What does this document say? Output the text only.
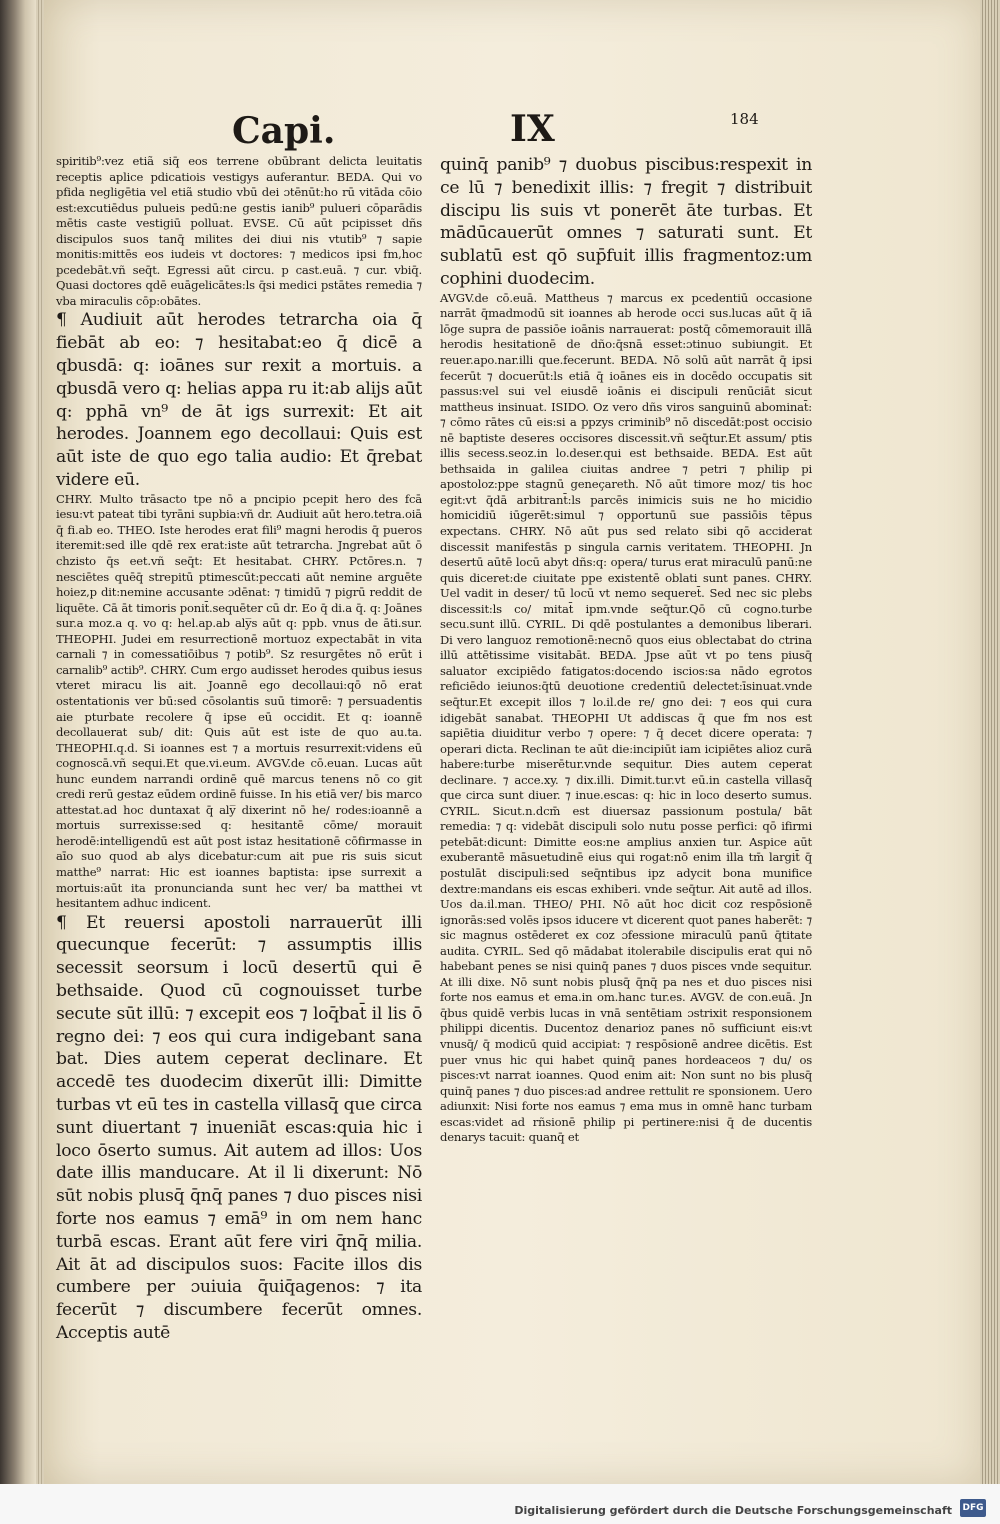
Capi.	IX	184

spiritib⁹:vez etiã siq̄ eos terrene obūbrant delicta leuitatis receptis aplice pdicatiois vestigys auferantur. BEDA. Qui vo pfida negligētia vel etiã studio vbū dei ɔtēnūt:ho rū vitāda cōio est:excutiēdus pulueis pedū:ne gestis ianib⁹ pulueri cōparādis mētis caste vestigiū polluat. EVSE. Cū aūt pcipisset dñs discipulos suos tanq̄ milites dei diui nis vtutib⁹ ⁊ sapie monitis:mittēs eos iudeis vt doctores: ⁊ medicos ipsi fm,hoc pcedebāt.vñ seq̄t. Egressi aūt circu. p cast.euā. ⁊ cur. vbiq̄. Quasi doctores qdē euāgelicātes:ls q̄si medici pstātes remedia ⁊ vba miraculis cōp:obātes.

¶ Audiuit aūt herodes tetrarcha oia q̄ fiebāt ab eo: ⁊ hesitabat:eo q̄ dicē a qbusdā: q: ioānes sur rexit a mortuis. a qbusdā vero q: helias appa ru it:ab alijs aūt q: pphā vn⁹ de āt igs surrexit: Et ait herodes. Joannem ego decollaui: Quis est aūt iste de quo ego talia audio: Et q̄rebat videre eū.

CHRY. Multo trāsacto tpe nō a pncipio pcepit hero des fcā iesu:vt pateat tibi tyrāni supbia:vñ dr. Audiuit aūt hero.tetra.oiā q̄ fi.ab eo. THEO. Iste herodes erat fili⁹ magni herodis q̄ pueros iteremit:sed ille qdē rex erat:iste aūt tetrarcha. Jngrebat aūt ō chzisto q̄s eet.vñ seq̄t: Et hesitabat. CHRY. Pctōres.n. ⁊ nesciētes quēq̄ strepitū ptimescūt:peccati aūt nemine arguēte hoiez,p dit:nemine accusante ɔdēnat: ⁊ timidū ⁊ pigrū reddit de liquēte. Cā āt timoris ponit̄.sequēter cū dr. Eo q̄ di.a q̄. q: Joānes sur.a moz.a q. vo q: hel.ap.ab aly̅s aūt q: ppb. vnus de āti.sur. THEOPHI. Judei em resurrectionē mortuoz expectabāt in vita carnali ⁊ in comessatiōibus ⁊ potib⁹. Sz resurgētes nō erūt i carnalib⁹ actib⁹. CHRY. Cum ergo audisset herodes quibus iesus vteret miracu lis ait. Joannē ego decollaui:qō nō erat ostentationis ver bū:sed cōsolantis suū timorē: ⁊ persuadentis aie pturbate recolere q̄ ipse eū occidit. Et q: ioannē decollauerat sub/ dit: Quis aūt est iste de quo au.ta. THEOPHI.q.d. Si ioannes est ⁊ a mortuis resurrexit:videns eū cognoscā.vñ sequi.Et que.vi.eum. AVGV.de cō.euan. Lucas aūt hunc eundem narrandi ordinē quē marcus tenens nō co git credi rerū gestaz eūdem ordinē fuisse. In his etiā ver/ bis marco attestat.ad hoc duntaxat q̄ aly̅ dixerint nō he/ rodes:ioannē a mortuis surrexisse:sed q: hesitantē cōme/ morauit herodē:intelligendū est aūt post istaz hesitationē cōfirmasse in aīo suo quod ab alys dicebatur:cum ait pue ris suis sicut matthe⁹ narrat: Hic est ioannes baptista: ipse surrexit a mortuis:aūt ita pronuncianda sunt hec ver/ ba matthei vt hesitantem adhuc indicent.

¶ Et reuersi apostoli narrauerūt illi quecunque fecerūt: ⁊ assumptis illis secessit seorsum i locū desertū qui ē bethsaide. Quod cū cognouisset turbe secute sūt illū: ⁊ excepit eos ⁊ loq̄bat̄ il lis ō regno dei: ⁊ eos qui cura indigebant sana bat. Dies autem ceperat declinare. Et accedē tes duodecim dixerūt illi: Dimitte turbas vt eū tes in castella villasq̄ que circa sunt diuertant ⁊ inueniāt escas:quia hic i loco ōserto sumus. Ait autem ad illos: Uos date illis manducare. At il li dixerunt: Nō sūt nobis plusq̄ q̄nq̄ panes ⁊ duo pisces nisi forte nos eamus ⁊ emā⁹ in om nem hanc turbā escas. Erant aūt fere viri q̄nq̄ milia. Ait āt ad discipulos suos: Facite illos dis cumbere per ɔuiuia q̄uiq̄agenos: ⁊ ita fecerūt ⁊ discumbere fecerūt omnes. Acceptis autē

quinq̄ panib⁹ ⁊ duobus piscibus:respexit in ce lū ⁊ benedixit illis: ⁊ fregit ⁊ distribuit discipu lis suis vt ponerēt āte turbas. Et mādūcauerūt omnes ⁊ saturati sunt. Et sublatū est qō sup̄fuit illis fragmentoz:um cophini duodecim.

AVGV.de cō.euā. Mattheus ⁊ marcus ex pcedentiū occasione narrāt q̄madmodū sit ioannes ab herode occi sus.lucas aūt q̄ iā lōge supra de passiōe ioānis narrauerat: postq̄ cōmemorauit illā herodis hesitationē de dño:q̄snā esset:ɔtinuo subiungit. Et reuer.apo.nar.illi que.fecerunt. BEDA. Nō solū aūt narrāt q̄ ipsi fecerūt ⁊ docuerūt:ls etiā q̄ ioānes eis in docēdo occupatis sit passus:vel sui vel eiusdē ioānis ei discipuli renūciāt sicut mattheus insinuat. ISIDO. Oz vero dñs viros sanguinū abominat̄: ⁊ cōmo rātes cū eis:si a ppzys criminib⁹ nō discedāt:post occisio nē baptiste deseres occisores discessit.vñ seq̄tur.Et assum/ ptis illis secess.seoz.in lo.deser.qui est bethsaide. BEDA. Est aūt bethsaida in galilea ciuitas andree ⁊ petri ⁊ philip pi apostoloz:ppe stagnū geneçareth. Nō aūt timore moz/ tis hoc egit:vt q̄dā arbitrant̄:ls parcēs inimicis suis ne ho micidio homicidiū iūgerēt:simul ⁊ opportunū sue passiōis tēpus expectans. CHRY. Nō aūt pus sed relato sibi qō acciderat discessit manifestās p singula carnis veritatem. THEOPHI. Jn desertū aūtē locū abyt dñs:q: opera/ turus erat miraculū panū:ne quis diceret:de ciuitate ppe existentē oblati sunt panes. CHRY. Uel vadit in deser/ tū locū vt nemo sequeret̄. Sed nec sic plebs discessit:ls co/ mitat̄ ipm.vnde seq̄tur.Qō cū cogno.turbe secu.sunt illū. CYRIL. Di qdē postulantes a demonibus liberari. Di vero languoz remotionē:necnō quos eius oblectabat do ctrina illū attētissime visitabāt. BEDA. Jpse aūt vt po tens piusq̄ saluator excipiēdo fatigatos:docendo iscios:sa nādo egrotos reficiēdo ieiunos:q̄tū deuotione credentiū delectet:īsinuat.vnde seq̄tur.Et excepit illos ⁊ lo.il.de re/ gno dei: ⁊ eos qui cura idigebāt sanabat. THEOPHI Ut addiscas q̄ que fm nos est sapiētia diuiditur verbo ⁊ opere: ⁊ q̄ decet dicere operata: ⁊ operari dicta. Reclinan te aūt die:incipiūt iam icipiētes alioz curā habere:turbe miserētur.vnde sequitur. Dies autem ceperat declinare. ⁊ acce.xy. ⁊ dix.illi. Dimit.tur.vt eū.in castella villasq̄ que circa sunt diuer. ⁊ inue.escas: q: hic in loco deserto sumus. CYRIL. Sicut.n.dcm̄ est diuersaz passionum postula/ bāt remedia: ⁊ q: videbāt discipuli solo nutu posse perfici: qō ifirmi petebāt:dicunt: Dimitte eos:ne amplius anxien tur. Aspice aūt exuberantē māsuetudinē eius qui rogat:nō enim illa tm̄ largit̄ q̄ postulāt discipuli:sed seq̄ntibus ipz adycit bona munifice dextre:mandans eis escas exhiberi. vnde seq̄tur. Ait autē ad illos. Uos da.il.man. THEO/ PHI. Nō aūt hoc dicit coz respōsionē ignorās:sed volēs ipsos iducere vt dicerent quot panes haberēt: ⁊ sic magnus ostēderet ex coz ɔfessione miraculū panū q̄titate audita. CYRIL. Sed qō mādabat itolerabile discipulis erat qui nō habebant penes se nisi quinq̄ panes ⁊ duos pisces vnde sequitur. At illi dixe. Nō sunt nobis plusq̄ q̄nq̄ pa nes et duo pisces nisi forte nos eamus et ema.in om.hanc tur.es. AVGV. de con.euā. Jn q̄bus quidē verbis lucas in vnā sentētiam ɔstrixit responsionem philippi dicentis. Ducentoz denarioz panes nō sufficiunt eis:vt vnusq̄/ q̄ modicū quid accipiat: ⁊ respōsionē andree dicētis. Est puer vnus hic qui habet quinq̄ panes hordeaceos ⁊ du/ os pisces:vt narrat ioannes. Quod enim ait: Non sunt no bis plusq̄ quinq̄ panes ⁊ duo pisces:ad andree rettulit re sponsionem. Uero adiunxit: Nisi forte nos eamus ⁊ ema mus in omnē hanc turbam escas:videt ad rñsionē philip pi pertinere:nisi q̄ de ducentis denarys tacuit: quanq̄ et

Digitalisierung gefördert durch die Deutsche Forschungsgemeinschaft DFG
